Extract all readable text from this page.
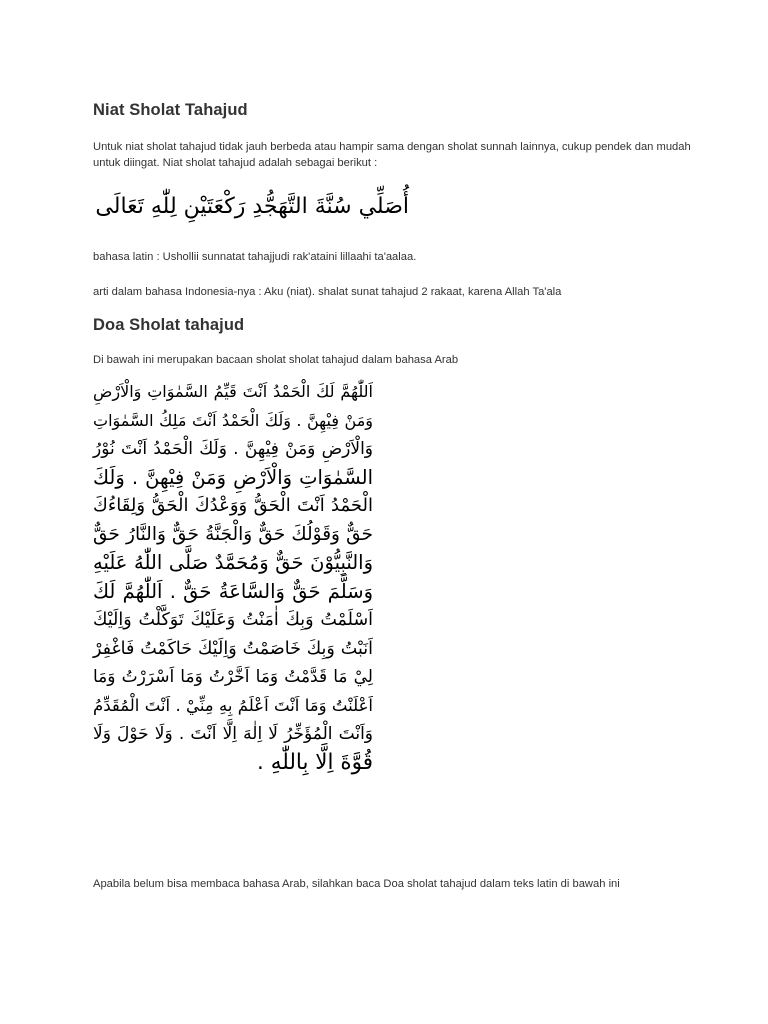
Niat Sholat Tahajud

Untuk niat sholat tahajud tidak jauh berbeda atau hampir sama dengan sholat sunnah lainnya, cukup pendek dan mudah untuk diingat. Niat sholat tahajud adalah sebagai berikut :

أُصَلِّي سُنَّةَ التَّهَجُّدِ رَكْعَتَيْنِ لِلّٰهِ تَعَالَى

bahasa latin : Ushollii sunnatat tahajjudi rak'ataini lillaahi ta'aalaa.

arti dalam bahasa Indonesia-nya : Aku (niat). shalat sunat tahajud 2 rakaat, karena Allah Ta'ala

Doa Sholat tahajud

Di bawah ini merupakan bacaan sholat sholat tahajud dalam bahasa Arab

اَللّٰهُمَّ لَكَ الْحَمْدُ اَنْتَ قَيِّمُ السَّمٰوَاتِ وَالْاَرْضِ
وَمَنْ فِيْهِنَّ . وَلَكَ الْحَمْدُ اَنْتَ مَلِكُ السَّمٰوَاتِ
وَالْاَرْضِ وَمَنْ فِيْهِنَّ . وَلَكَ الْحَمْدُ اَنْتَ نُوْرُ
السَّمٰوَاتِ وَالْاَرْضِ وَمَنْ فِيْهِنَّ . وَلَكَ
الْحَمْدُ اَنْتَ الْحَقُّ وَوَعْدُكَ الْحَقُّ وَلِقَاءُكَ
حَقٌّ وَقَوْلُكَ حَقٌّ وَالْجَنَّةُ حَقٌّ وَالنَّارُ حَقٌّ
وَالنَّبِيُّوْنَ حَقٌّ وَمُحَمَّدٌ صَلَّى اللّٰهُ عَلَيْهِ
وَسَلَّمَ حَقٌّ وَالسَّاعَةُ حَقٌّ . اَللّٰهُمَّ لَكَ
اَسْلَمْتُ وَبِكَ اٰمَنْتُ وَعَلَيْكَ تَوَكَّلْتُ وَاِلَيْكَ
اَنَبْتُ وَبِكَ خَاصَمْتُ وَاِلَيْكَ حَاكَمْتُ فَاغْفِرْ
لِيْ مَا قَدَّمْتُ وَمَا اَخَّرْتُ وَمَا اَسْرَرْتُ وَمَا
اَعْلَنْتُ وَمَا اَنْتَ اَعْلَمُ بِهِ مِنِّيْ . اَنْتَ الْمُقَدِّمُ
وَاَنْتَ الْمُؤَخِّرُ لَا اِلٰهَ اِلَّا اَنْتَ . وَلَا حَوْلَ وَلَا
قُوَّةَ اِلَّا بِاللّٰهِ .

Apabila belum bisa membaca bahasa Arab, silahkan baca Doa sholat tahajud dalam teks latin di bawah ini
